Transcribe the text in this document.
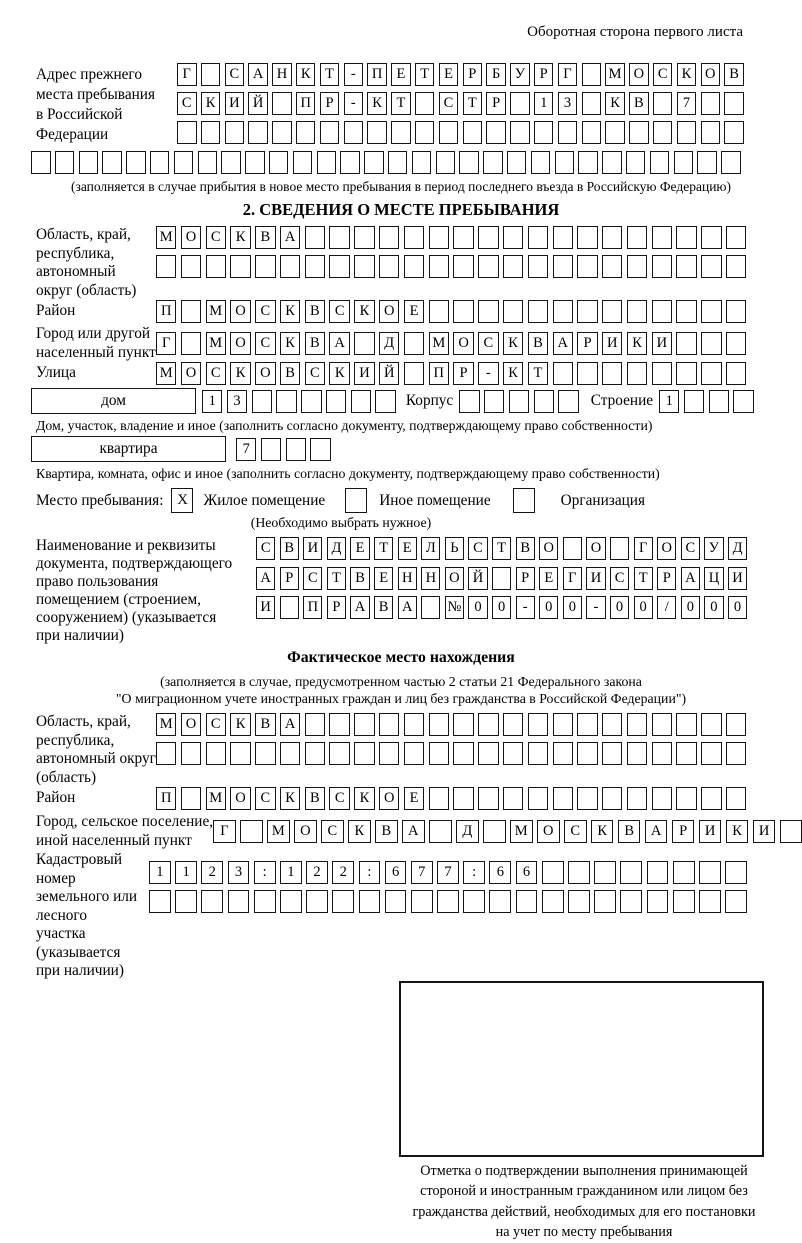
Оборотная сторона первого листа
Адрес прежнего
места пребывания
в Российской
Федерации
Г	С А Н К	Т	-	П Е	Т	Е	Р	Б	У	Р	Г	М О С К О В
С К И Й	П	Р	-	К	Т	С	Т	Р	1	3	К В	7
(заполняется в случае прибытия в новое место пребывания в период последнего въезда в Российскую Федерацию)
2. СВЕДЕНИЯ О МЕСТЕ ПРЕБЫВАНИЯ
Область, край,
республика,
автономный
округ (область)
М О	С	К	В	А
Район	П	М О	С	К	В	С	К	О	Е
Город или другой
населенный пункт
Г	М О	С	К	В	А	Д	М О	С	К	В	А	Р	И	К	И
Улица	М О	С	К	О	В	С	К	И Й	П	Р	-	К	Т
дом	1	3	Корпус	Строение 1
Дом, участок, владение и иное (заполнить согласно документу, подтверждающему право собственности)
квартира	7
Квартира, комната, офис и иное (заполнить согласно документу, подтверждающему право собственности)
Место пребывания: X	Жилое помещение	Иное помещение	Организация
(Необходимо выбрать нужное)
Наименование и реквизиты
документа, подтверждающего
право пользования
помещением (строением,
сооружением) (указывается
при наличии)
С В И Д Е	Т	Е Л	Ь	С Т В О	О	Г О С У Д
А Р	С Т В Е Н Н О Й	Р	Е	Г И С Т	Р А Ц И
И	П Р А В А	№ 0	0	-	0	0	-	0	0	/	0	0	0
Фактическое место нахождения
(заполняется в случае, предусмотренном частью 2 статьи 21 Федерального закона
"О миграционном учете иностранных граждан и лиц без гражданства в Российской Федерации")
Область, край,
республика,
автономный округ
(область)
М О	С	К	В	А
Район	П	М О	С	К	В	С	К	О	Е
Город, сельское поселение,
иной населенный пункт
Г	М	О	С	К	В	А	Д	М	О	С	К	В	А	Р	И	К	И
Кадастровый номер
земельного или лесного
участка (указывается
при наличии)
1	1	2	3	:	1	2	2	:	6	7	7	:	6	6
Отметка о подтверждении выполнения принимающей
стороной и иностранным гражданином или лицом без
гражданства действий, необходимых для его постановки
на учет по месту пребывания
